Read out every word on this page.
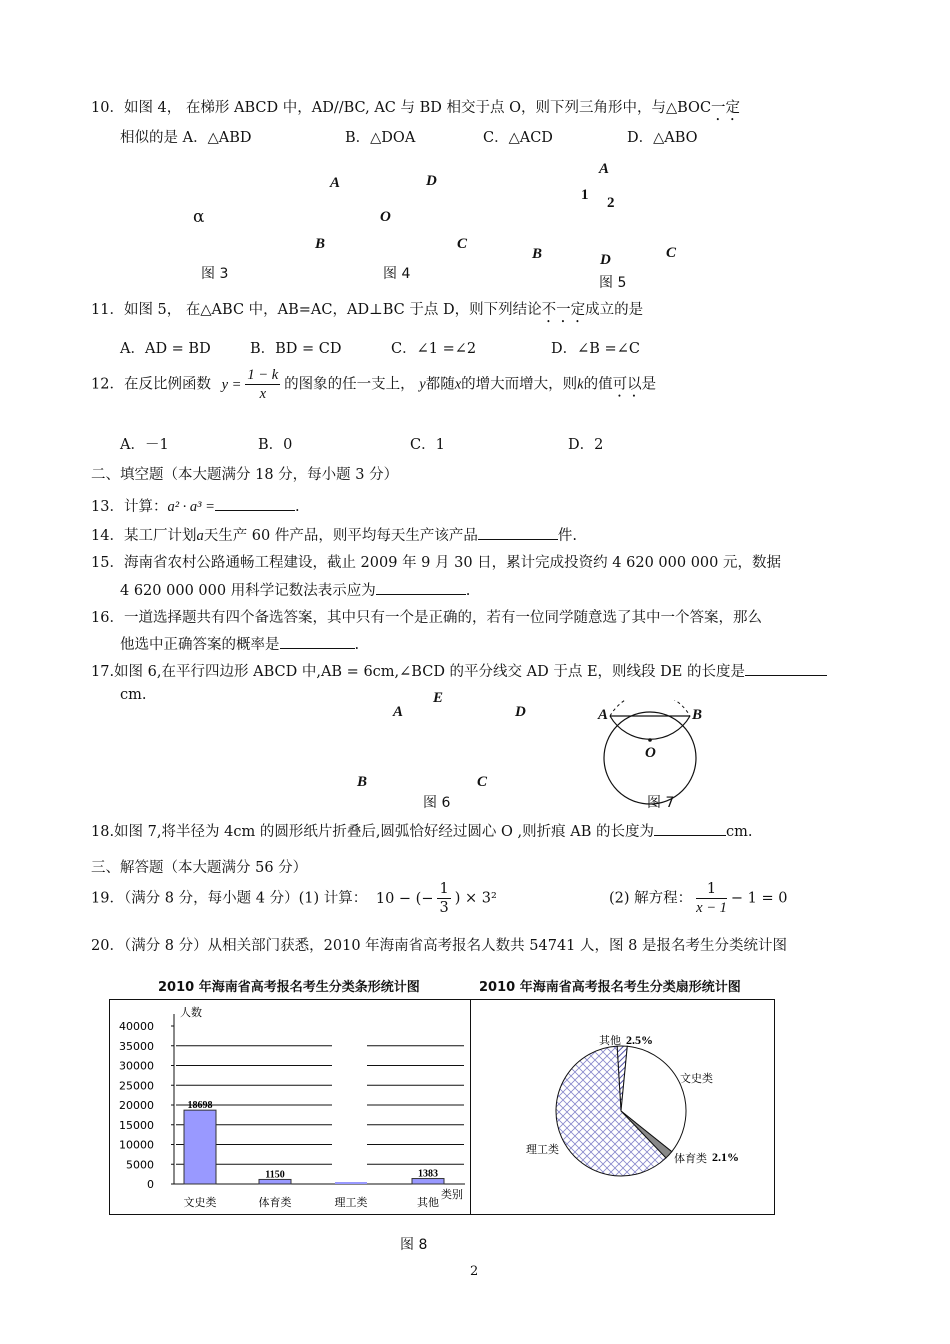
10．如图 4， 在梯形 ABCD 中，AD//BC, AC 与 BD 相交于点 O，则下列三角形中，与△BOC一定
相似的是 A．△ABD	B．△DOA	C．△ACD	D．△ABO
α
图 3
A	D
O
B	C
图 4
A
1 2
B	D	C
图 5
11．如图 5， 在△ABC 中，AB=AC，AD⊥BC 于点 D，则下列结论不一定成立的是
A．AD = BD	B．BD = CD	C．∠1 =∠2	D．∠B =∠C
12．在反比例函数 $y = \frac{1 - k}{x}$ 的图象的任一支上， y都随x的增大而增大，则k的值可以是
A．－1	B．0	C．1	D．2
二、填空题（本大题满分 18 分，每小题 3 分）
13．计算：a² · a³ =	.
14．某工厂计划a天生产 60 件产品，则平均每天生产该产品	件.
15．海南省农村公路通畅工程建设，截止 2009 年 9 月 30 日，累计完成投资约 4 620 000 000 元，数据
4 620 000 000 用科学记数法表示应为	.
16．一道选择题共有四个备选答案，其中只有一个是正确的，若有一位同学随意选了其中一个答案，那么
他选中正确答案的概率是	.
17.如图 6,在平行四边形 ABCD 中,AB = 6cm,∠BCD 的平分线交 AD 于点 E，则线段 DE 的长度是
cm.
A
E
D
B	C
图 6
A	B
O
图 7
18.如图 7,将半径为 4cm 的圆形纸片折叠后,圆弧恰好经过圆心 O ,则折痕 AB 的长度为	cm.
三、解答题（本大题满分 56 分）
19．（满分 8 分，每小题 4 分）(1) 计算： 10 − (− $\frac{1}{3}$ ) × 3²	(2) 解方程： $\frac{1}{x - 1} - 1 = 0$
20．（满分 8 分）从相关部门获悉，2010 年海南省高考报名人数共 54741 人，图 8 是报名考生分类统计图
2010 年海南省高考报名考生分类条形统计图	2010 年海南省高考报名考生分类扇形统计图
40000
35000
30000
25000
20000
15000
10000
5000
0
人数
18698
文史类
1150
体育类	理工类
1383
其他
类别
其他 2.5%
文史类
体育类 2.1%
理工类
图 8
2
